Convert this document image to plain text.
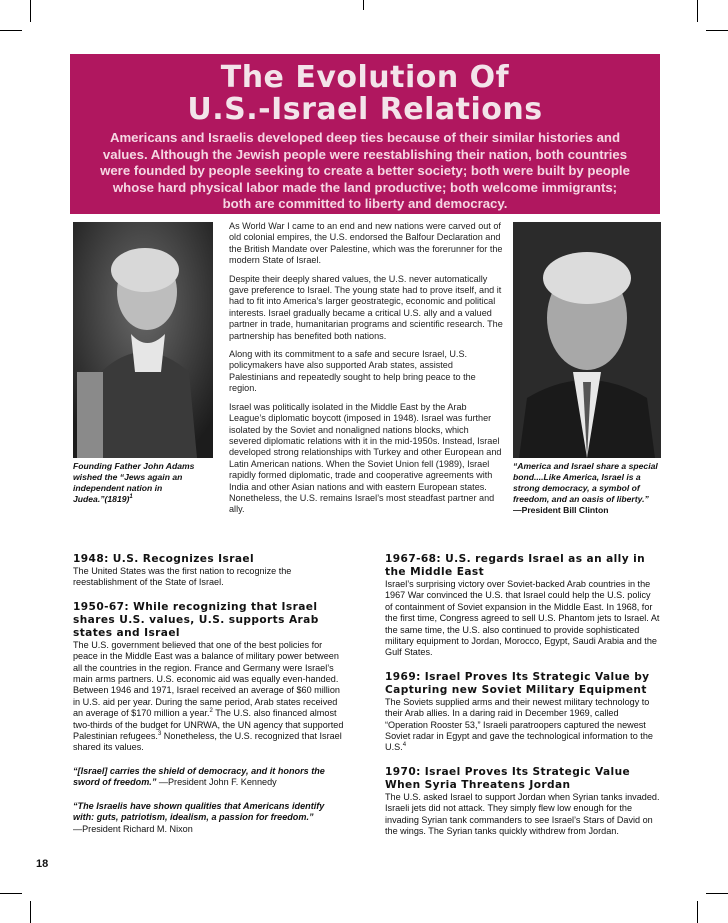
The Evolution Of
U.S.-Israel Relations
Americans and Israelis developed deep ties because of their similar histories and values. Although the Jewish people were reestablishing their nation, both countries were founded by people seeking to create a better society; both were built by people whose hard physical labor made the land productive; both welcome immigrants; both are committed to liberty and democracy.
Founding Father John Adams wished the “Jews again an independent nation in $Judea.”(1819)^1$

As World War I came to an end and new nations were carved out of old colonial empires, the U.S. endorsed the Balfour Declaration and the British Mandate over Palestine, which was the forerunner for the modern State of Israel.

Despite their deeply shared values, the U.S. never automatically gave preference to Israel. The young state had to prove itself, and it had to fit into America’s larger geostrategic, economic and political interests. Israel gradually became a critical U.S. ally and a valued partner in trade, humanitarian programs and scientific research. The partnership has benefited both nations.

Along with its commitment to a safe and secure Israel, U.S. policymakers have also supported Arab states, assisted Palestinians and repeatedly sought to help bring peace to the region.

Israel was politically isolated in the Middle East by the Arab League’s diplomatic boycott (imposed in 1948). Israel was further isolated by the Soviet and nonaligned nations blocks, which severed diplomatic relations with it in the mid-1950s. Instead, Israel developed strong relationships with Turkey and other European and Latin American nations. When the Soviet Union fell (1989), Israel rapidly formed diplomatic, trade and cooperative agreements with India and other Asian nations and with eastern European states. Nonetheless, the U.S. remains Israel’s most steadfast partner and ally.

“America and Israel share a special bond....Like America, Israel is a strong democracy, a symbol of freedom, and an oasis of liberty.”
—President Bill Clinton

1948: U.S. Recognizes Israel

The United States was the first nation to recognize the reestablishment of the State of Israel.

1950-67: While recognizing that Israel shares U.S. values, U.S. supports Arab states and Israel

The U.S. government believed that one of the best policies for peace in the Middle East was a balance of military power between all the countries in the region. France and Germany were Israel’s main arms partners. U.S. economic aid was equally even-handed. Between 1946 and 1971, Israel received an average of $60 million in U.S. aid per year. During the same period, Arab states received an average of $170 million a year.$^2$ The U.S. also financed almost two-thirds of the budget for UNRWA, the UN agency that supported Palestinian refugees.$^3$ Nonetheless, the U.S. recognized that Israel shared its values.

“[Israel] carries the shield of democracy, and it honors the sword of freedom.” —President John F. Kennedy

“The Israelis have shown qualities that Americans identify with: guts, patriotism, idealism, a passion for freedom.”
—President Richard M. Nixon

1967-68: U.S. regards Israel as an ally in the Middle East

Israel’s surprising victory over Soviet-backed Arab countries in the 1967 War convinced the U.S. that Israel could help the U.S. policy of containment of Soviet expansion in the Middle East. In 1968, for the first time, Congress agreed to sell U.S. Phantom jets to Israel. At the same time, the U.S. also continued to provide sophisticated military equipment to Jordan, Morocco, Egypt, Saudi Arabia and the Gulf States.

1969: Israel Proves Its Strategic Value by Capturing new Soviet Military Equipment

The Soviets supplied arms and their newest military technology to their Arab allies. In a daring raid in December 1969, called “Operation Rooster 53,” Israeli paratroopers captured the newest Soviet radar in Egypt and gave the technological information to the U.S.$^4$

1970: Israel Proves Its Strategic Value When Syria Threatens Jordan

The U.S. asked Israel to support Jordan when Syrian tanks invaded. Israeli jets did not attack. They simply flew low enough for the invading Syrian tank commanders to see Israel’s Stars of David on the wings. The Syrian tanks quickly withdrew from Jordan.

18
